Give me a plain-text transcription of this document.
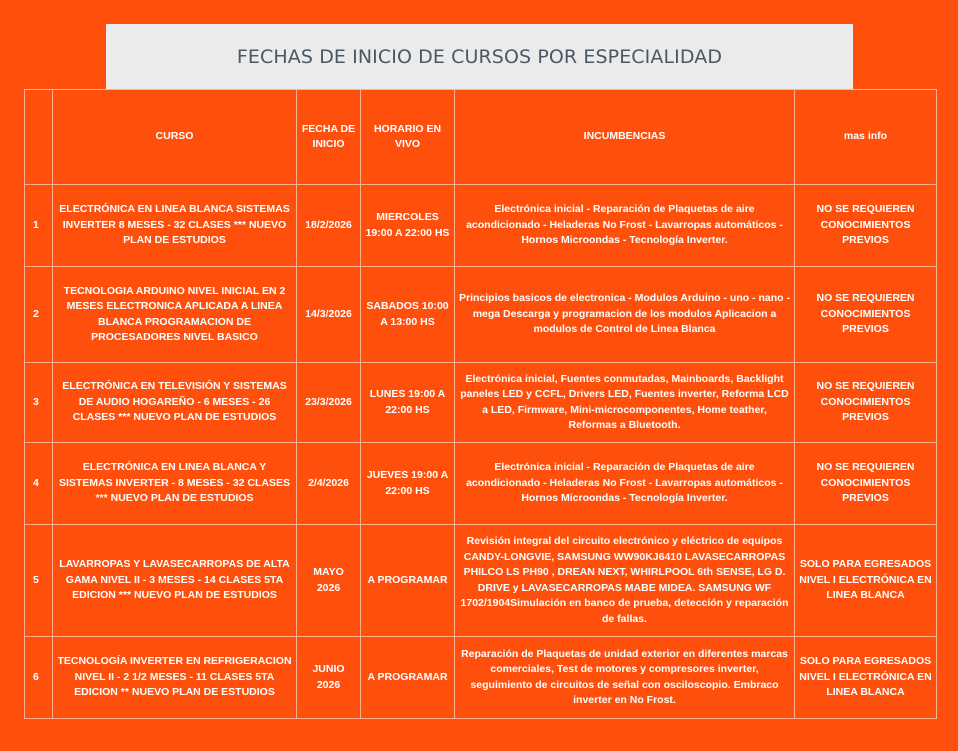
FECHAS DE INICIO DE CURSOS POR ESPECIALIDAD
	CURSO	FECHA DE INICIO	HORARIO EN VIVO	INCUMBENCIAS	mas info
1	ELECTRÓNICA EN LINEA BLANCA SISTEMAS INVERTER 8 MESES - 32 CLASES *** NUEVO PLAN DE ESTUDIOS	18/2/2026	MIERCOLES 19:00 A 22:00 HS	Electrónica inicial - Reparación de Plaquetas de aire acondicionado - Heladeras No Frost - Lavarropas automáticos - Hornos Microondas - Tecnología Inverter.	NO SE REQUIEREN CONOCIMIENTOS PREVIOS
2	TECNOLOGIA ARDUINO NIVEL INICIAL EN 2 MESES ELECTRONICA APLICADA A LINEA BLANCA PROGRAMACION DE PROCESADORES NIVEL BASICO	14/3/2026	SABADOS 10:00 A 13:00 HS	Principios basicos de electronica - Modulos Arduino - uno - nano - mega Descarga y programacion de los modulos Aplicacion a modulos de Control de Linea Blanca	NO SE REQUIEREN CONOCIMIENTOS PREVIOS
3	ELECTRÓNICA EN TELEVISIÓN Y SISTEMAS DE AUDIO HOGAREÑO - 6 MESES - 26 CLASES *** NUEVO PLAN DE ESTUDIOS	23/3/2026	LUNES 19:00 A 22:00 HS	Electrónica inicial, Fuentes conmutadas, Mainboards, Backlight paneles LED y CCFL, Drivers LED, Fuentes inverter, Reforma LCD a LED, Firmware, Mini-microcomponentes, Home teather, Reformas a Bluetooth.	NO SE REQUIEREN CONOCIMIENTOS PREVIOS
4	ELECTRÓNICA EN LINEA BLANCA Y SISTEMAS INVERTER - 8 MESES - 32 CLASES *** NUEVO PLAN DE ESTUDIOS	2/4/2026	JUEVES 19:00 A 22:00 HS	Electrónica inicial - Reparación de Plaquetas de aire acondicionado - Heladeras No Frost - Lavarropas automáticos - Hornos Microondas - Tecnología Inverter.	NO SE REQUIEREN CONOCIMIENTOS PREVIOS
5	LAVARROPAS Y LAVASECARROPAS DE ALTA GAMA NIVEL II - 3 MESES - 14 CLASES 5TA EDICION *** NUEVO PLAN DE ESTUDIOS	MAYO 2026	A PROGRAMAR	Revisión integral del circuito electrónico y eléctrico de equipos CANDY-LONGVIE, SAMSUNG WW90KJ6410 LAVASECARROPAS PHILCO LS PH90 , DREAN NEXT, WHIRLPOOL 6th SENSE, LG D. DRIVE y LAVASECARROPAS MABE MIDEA. SAMSUNG WF 1702/1904Simulación en banco de prueba, detección y reparación de fallas.	SOLO PARA EGRESADOS NIVEL I ELECTRÓNICA EN LINEA BLANCA
6	TECNOLOGÍA INVERTER EN REFRIGERACION NIVEL II - 2 1/2 MESES - 11 CLASES 5TA EDICION ** NUEVO PLAN DE ESTUDIOS	JUNIO 2026	A PROGRAMAR	Reparación de Plaquetas de unidad exterior en diferentes marcas comerciales, Test de motores y compresores inverter, seguimiento de circuitos de señal con osciloscopio. Embraco inverter en No Frost.	SOLO PARA EGRESADOS NIVEL I ELECTRÓNICA EN LINEA BLANCA
